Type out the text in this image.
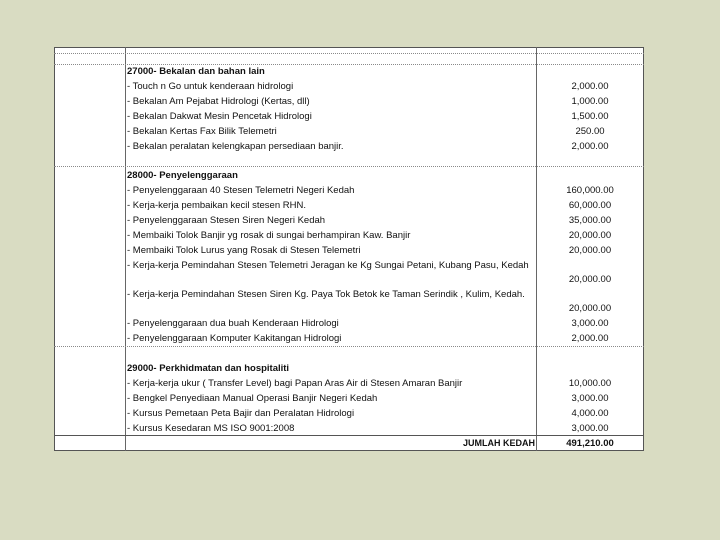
27000- Bekalan dan bahan lain
- Touch n Go untuk kenderaan hidrologi	2,000.00
- Bekalan Am Pejabat Hidrologi (Kertas, dll)	1,000.00
- Bekalan Dakwat Mesin Pencetak Hidrologi	1,500.00
- Bekalan Kertas Fax Bilik Telemetri	250.00
- Bekalan peralatan kelengkapan persediaan banjir.	2,000.00
28000- Penyelenggaraan
- Penyelenggaraan 40 Stesen Telemetri Negeri Kedah	160,000.00
- Kerja-kerja pembaikan kecil stesen RHN.	60,000.00
- Penyelenggaraan Stesen Siren Negeri Kedah	35,000.00
- Membaiki Tolok Banjir yg rosak di sungai berhampiran Kaw. Banjir	20,000.00
- Membaiki Tolok Lurus yang Rosak di Stesen Telemetri	20,000.00
- Kerja-kerja Pemindahan Stesen Telemetri Jeragan ke Kg Sungai Petani, Kubang Pasu, Kedah
20,000.00
- Kerja-kerja Pemindahan Stesen Siren Kg. Paya Tok Betok ke Taman Serindik , Kulim, Kedah.
20,000.00
- Penyelenggaraan dua buah Kenderaan Hidrologi	3,000.00
- Penyelenggaraan Komputer Kakitangan Hidrologi	2,000.00
29000- Perkhidmatan dan hospitaliti
- Kerja-kerja ukur ( Transfer Level) bagi Papan Aras Air di Stesen Amaran Banjir	10,000.00
- Bengkel Penyediaan Manual Operasi Banjir Negeri Kedah	3,000.00
- Kursus Pemetaan Peta Bajir dan Peralatan Hidrologi	4,000.00
- Kursus Kesedaran MS ISO 9001:2008	3,000.00
JUMLAH KEDAH	491,210.00
